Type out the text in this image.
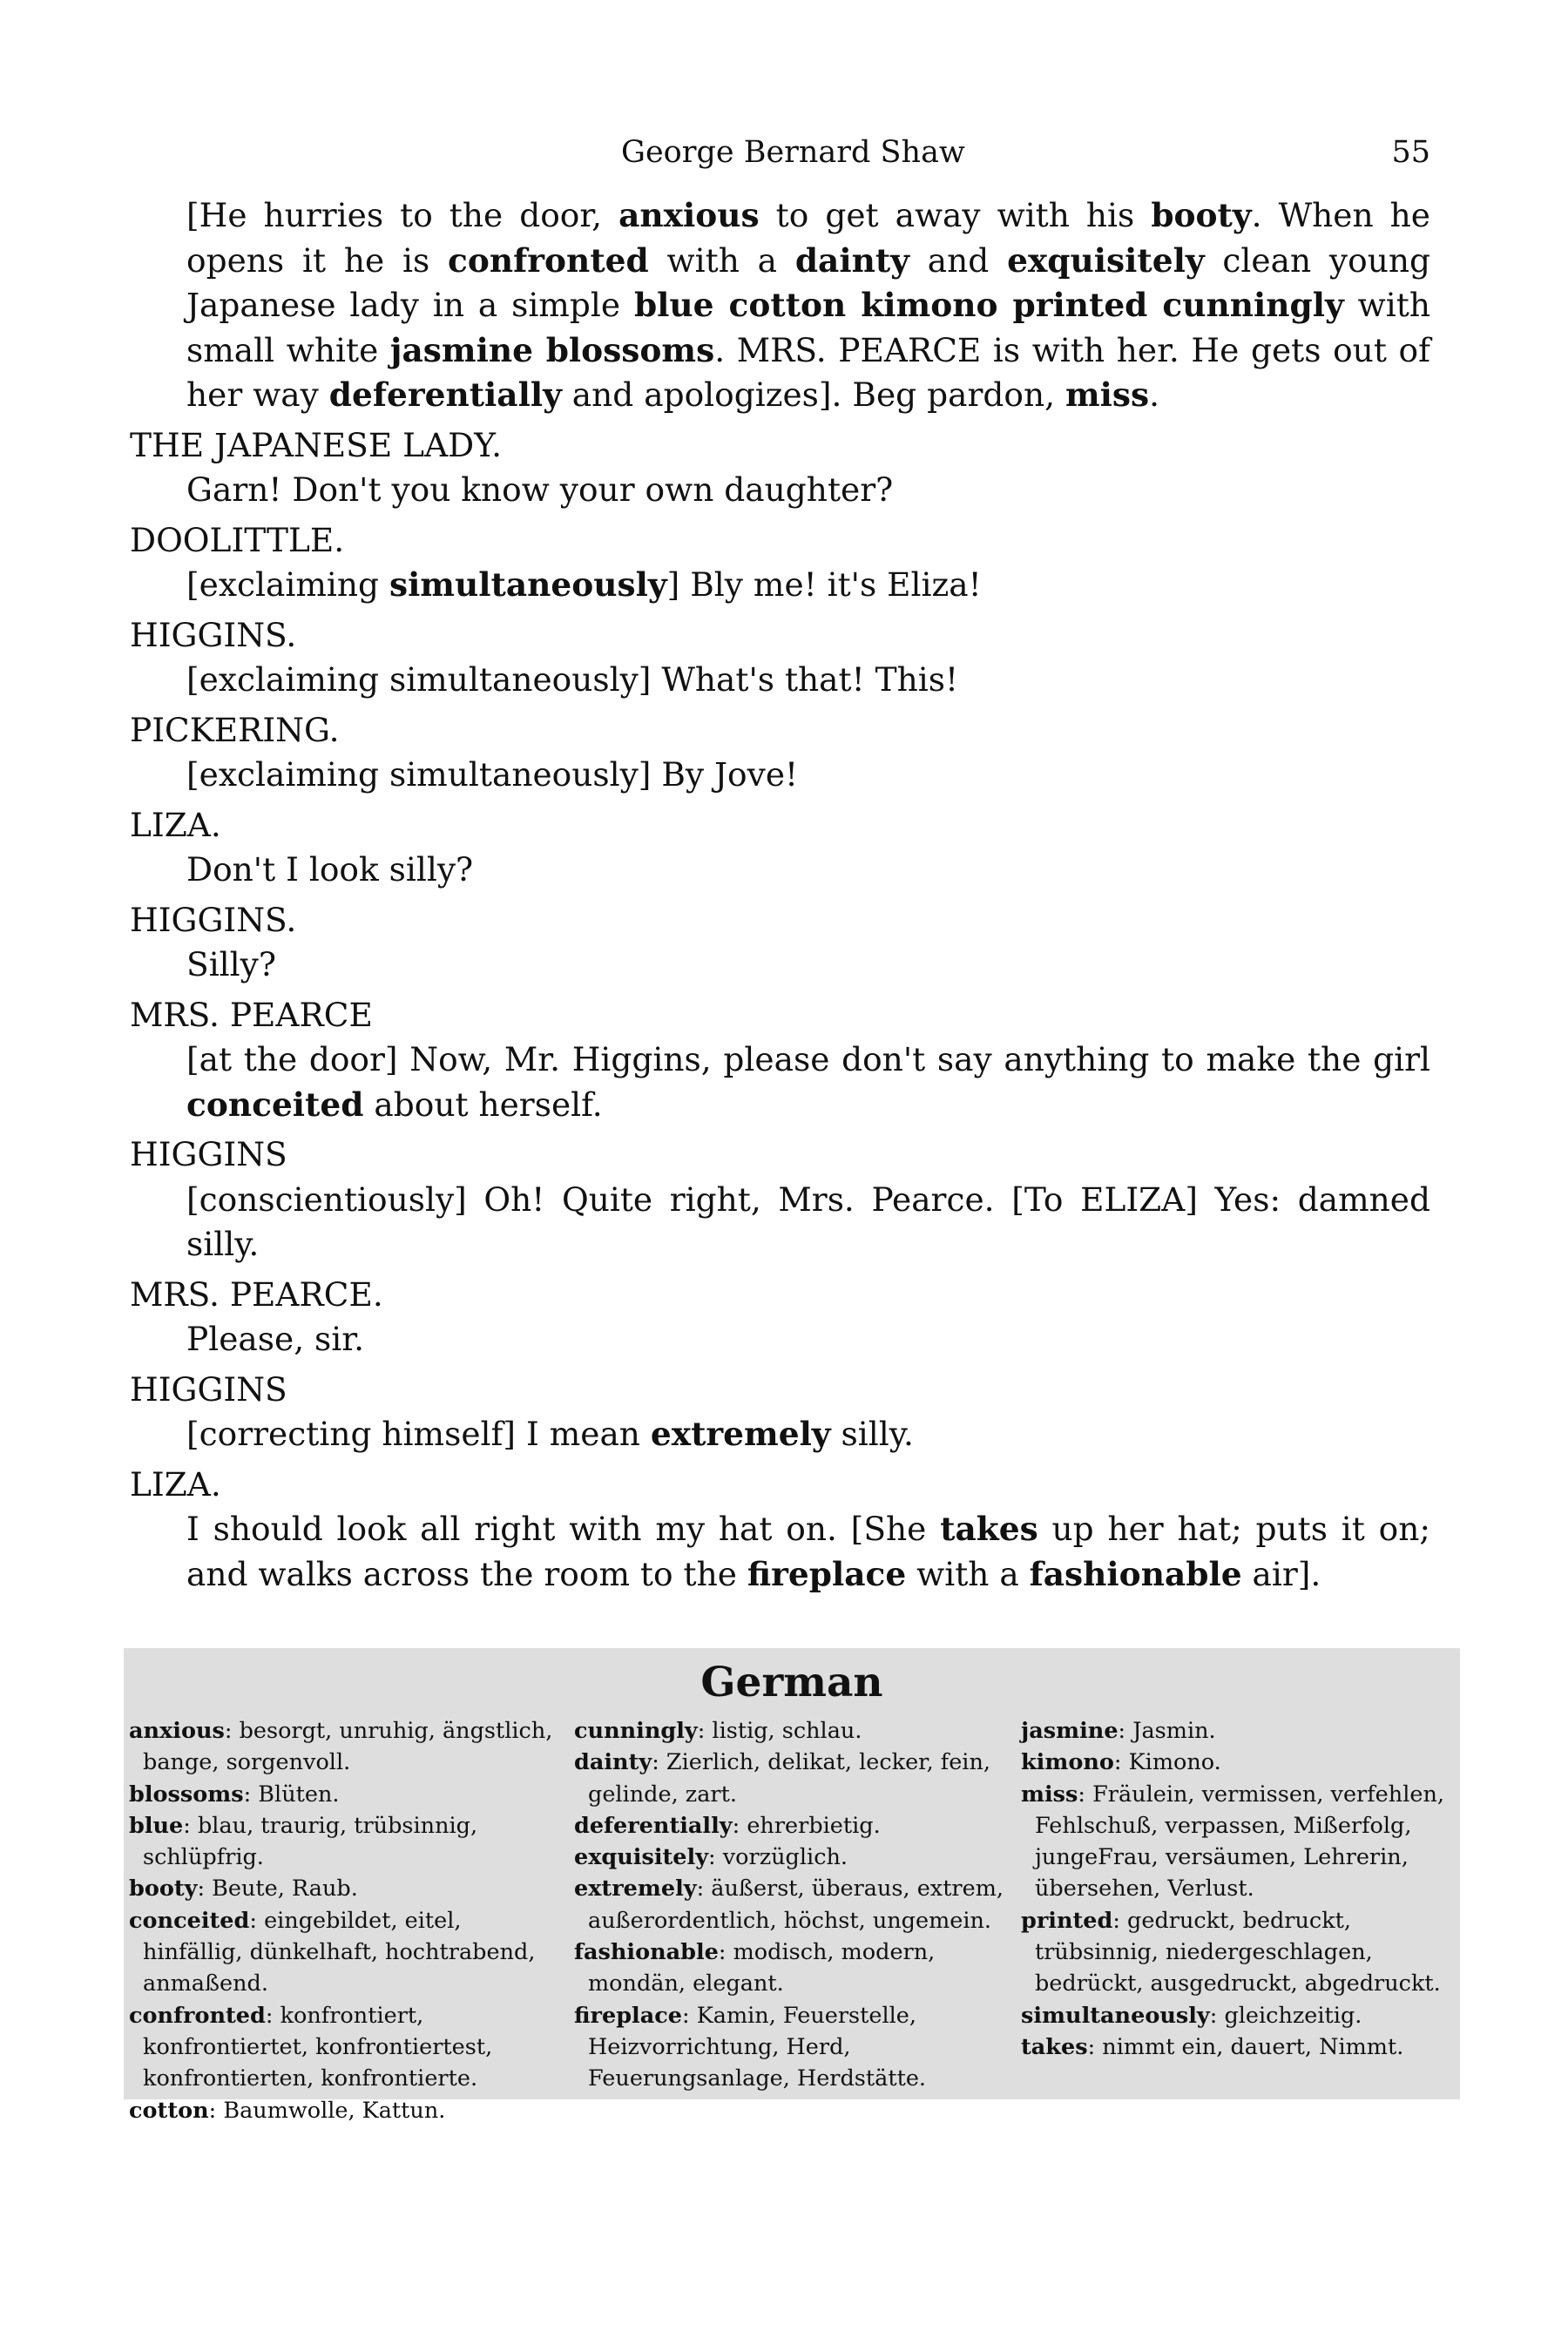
George Bernard Shaw	55
[He hurries to the door, anxious to get away with his booty. When he opens it he is confronted with a dainty and exquisitely clean young Japanese lady in a simple blue cotton kimono printed cunningly with small white jasmine blossoms. MRS. PEARCE is with her. He gets out of her way deferentially and apologizes]. Beg pardon, miss.
THE JAPANESE LADY.
Garn! Don't you know your own daughter?
DOOLITTLE.
[exclaiming simultaneously] Bly me! it's Eliza!
HIGGINS.
[exclaiming simultaneously] What's that! This!
PICKERING.
[exclaiming simultaneously] By Jove!
LIZA.
Don't I look silly?
HIGGINS.
Silly?
MRS. PEARCE
[at the door] Now, Mr. Higgins, please don't say anything to make the girl conceited about herself.
HIGGINS
[conscientiously] Oh! Quite right, Mrs. Pearce. [To ELIZA] Yes: damned silly.
MRS. PEARCE.
Please, sir.
HIGGINS
[correcting himself] I mean extremely silly.
LIZA.
I should look all right with my hat on. [She takes up her hat; puts it on; and walks across the room to the fireplace with a fashionable air].
German
anxious: besorgt, unruhig, ängstlich, bange, sorgenvoll.
blossoms: Blüten.
blue: blau, traurig, trübsinnig, schlüpfrig.
booty: Beute, Raub.
conceited: eingebildet, eitel, hinfällig, dünkelhaft, hochtrabend, anmaßend.
confronted: konfrontiert, konfrontiertet, konfrontiertest, konfrontierten, konfrontierte.
cotton: Baumwolle, Kattun.
cunningly: listig, schlau.
dainty: Zierlich, delikat, lecker, fein, gelinde, zart.
deferentially: ehrerbietig.
exquisitely: vorzüglich.
extremely: äußerst, überaus, extrem, außerordentlich, höchst, ungemein.
fashionable: modisch, modern, mondän, elegant.
fireplace: Kamin, Feuerstelle, Heizvorrichtung, Herd, Feuerungsanlage, Herdstätte.
jasmine: Jasmin.
kimono: Kimono.
miss: Fräulein, vermissen, verfehlen, Fehlschuß, verpassen, Mißerfolg, jungeFrau, versäumen, Lehrerin, übersehen, Verlust.
printed: gedruckt, bedruckt, trübsinnig, niedergeschlagen, bedrückt, ausgedruckt, abgedruckt.
simultaneously: gleichzeitig.
takes: nimmt ein, dauert, Nimmt.
